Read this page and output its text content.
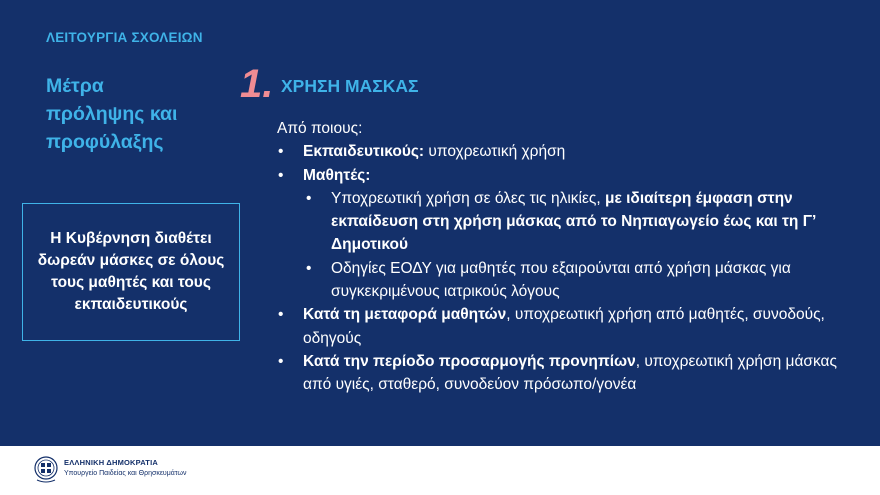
ΛΕΙΤΟΥΡΓΙΑ ΣΧΟΛΕΙΩΝ
Μέτρα
πρόληψης και
προφύλαξης
Η Κυβέρνηση διαθέτει δωρεάν μάσκες σε όλους τους μαθητές και τους εκπαιδευτικούς
1. ΧΡΗΣΗ ΜΑΣΚΑΣ
Από ποιους:
• Εκπαιδευτικούς: υποχρεωτική χρήση
• Μαθητές:
• Υποχρεωτική χρήση σε όλες τις ηλικίες, με ιδιαίτερη έμφαση στην εκπαίδευση στη χρήση μάσκας από το Νηπιαγωγείο έως και τη Γ’ Δημοτικού
• Οδηγίες ΕΟΔΥ για μαθητές που εξαιρούνται από χρήση μάσκας για συγκεκριμένους ιατρικούς λόγους
• Κατά τη μεταφορά μαθητών, υποχρεωτική χρήση από μαθητές, συνοδούς, οδηγούς
• Κατά την περίοδο προσαρμογής προνηπίων, υποχρεωτική χρήση μάσκας από υγιές, σταθερό, συνοδεύον πρόσωπο/γονέα
ΕΛΛΗΝΙΚΗ ΔΗΜΟΚΡΑΤΙΑ
Υπουργείο Παιδείας και Θρησκευμάτων
